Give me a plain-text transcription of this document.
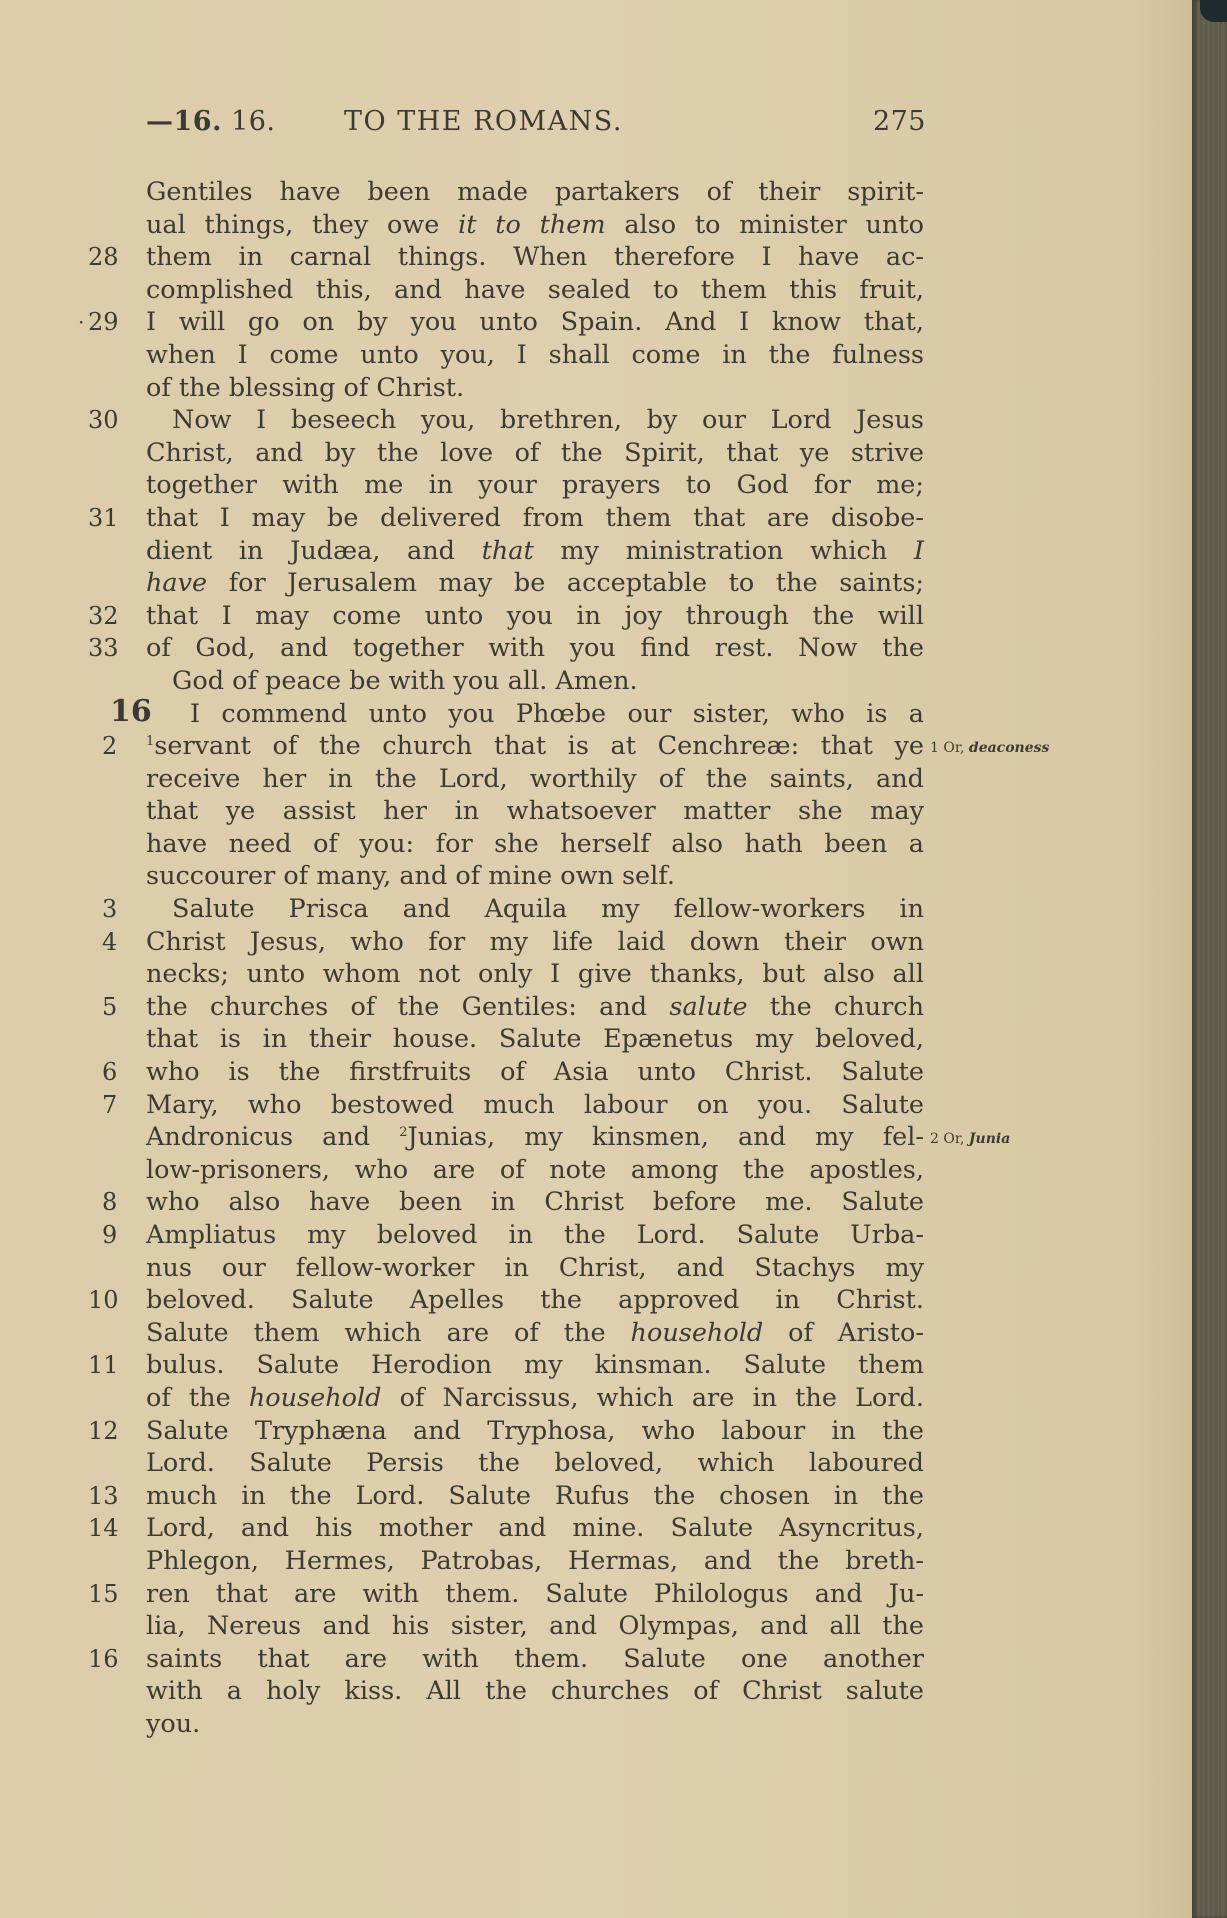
—16. 16.	TO THE ROMANS.	275
Gentiles have been made partakers of their spirit-
ual things, they owe it to them also to minister unto
28	them in carnal things. When therefore I have ac-
complished this, and have sealed to them this fruit,
· 29	I will go on by you unto Spain. And I know that,
when I come unto you, I shall come in the fulness
of the blessing of Christ.
30	Now I beseech you, brethren, by our Lord Jesus
Christ, and by the love of the Spirit, that ye strive
together with me in your prayers to God for me;
31	that I may be delivered from them that are disobe-
dient in Judæa, and that my ministration which I
have for Jerusalem may be acceptable to the saints;
32	that I may come unto you in joy through the will
33	of God, and together with you find rest. Now the
God of peace be with you all. Amen.
16	I commend unto you Phœbe our sister, who is a
2	$^1$servant of the church that is at Cenchreæ: that ye 1 Or, deaconess
receive her in the Lord, worthily of the saints, and
that ye assist her in whatsoever matter she may
have need of you: for she herself also hath been a
succourer of many, and of mine own self.
3	Salute Prisca and Aquila my fellow-workers in
4	Christ Jesus, who for my life laid down their own
necks; unto whom not only I give thanks, but also all
5	the churches of the Gentiles: and salute the church
that is in their house. Salute Epænetus my beloved,
6	who is the firstfruits of Asia unto Christ. Salute
7	Mary, who bestowed much labour on you. Salute
Andronicus and $^2$Junias, my kinsmen, and my fel- 2 Or, Junia
low-prisoners, who are of note among the apostles,
8	who also have been in Christ before me. Salute
9	Ampliatus my beloved in the Lord. Salute Urba-
nus our fellow-worker in Christ, and Stachys my
10	beloved. Salute Apelles the approved in Christ.
Salute them which are of the household of Aristo-
11	bulus. Salute Herodion my kinsman. Salute them
of the household of Narcissus, which are in the Lord.
12	Salute Tryphæna and Tryphosa, who labour in the
Lord. Salute Persis the beloved, which laboured
13	much in the Lord. Salute Rufus the chosen in the
14	Lord, and his mother and mine. Salute Asyncritus,
Phlegon, Hermes, Patrobas, Hermas, and the breth-
15	ren that are with them. Salute Philologus and Ju-
lia, Nereus and his sister, and Olympas, and all the
16	saints that are with them. Salute one another
with a holy kiss. All the churches of Christ salute
you.
